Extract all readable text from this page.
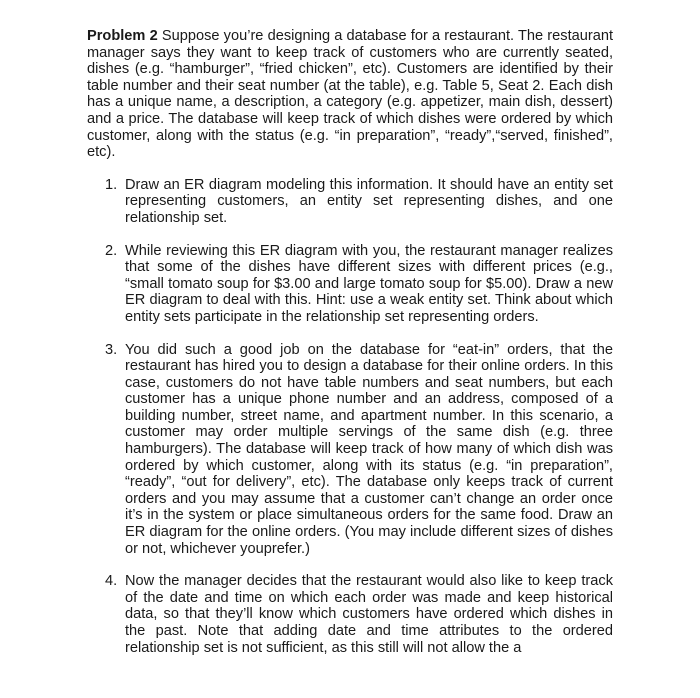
Problem 2 Suppose you’re designing a database for a restaurant. The restaurant manager says they want to keep track of customers who are currently seated, dishes (e.g. “hamburger”, “fried chicken”, etc). Customers are identified by their table number and their seat number (at the table), e.g. Table 5, Seat 2. Each dish has a unique name, a description, a category (e.g. appetizer, main dish, dessert) and a price. The database will keep track of which dishes were ordered by which customer, along with the status (e.g. “in preparation”, “ready”,“served, finished”, etc).

1. Draw an ER diagram modeling this information. It should have an entity set representing customers, an entity set representing dishes, and one relationship set.
2. While reviewing this ER diagram with you, the restaurant manager realizes that some of the dishes have different sizes with different prices (e.g., “small tomato soup for $3.00 and large tomato soup for $5.00). Draw a new ER diagram to deal with this. Hint: use a weak entity set. Think about which entity sets participate in the relationship set representing orders.
3. You did such a good job on the database for “eat-in” orders, that the restaurant has hired you to design a database for their online orders. In this case, customers do not have table numbers and seat numbers, but each customer has a unique phone number and an address, composed of a building number, street name, and apartment number. In this scenario, a customer may order multiple servings of the same dish (e.g. three hamburgers). The database will keep track of how many of which dish was ordered by which customer, along with its status (e.g. “in preparation”, “ready”, “out for delivery”, etc). The database only keeps track of current orders and you may assume that a customer can’t change an order once it’s in the system or place simultaneous orders for the same food. Draw an ER diagram for the online orders. (You may include different sizes of dishes or not, whichever youprefer.)
4. Now the manager decides that the restaurant would also like to keep track of the date and time on which each order was made and keep historical data, so that they’ll know which customers have ordered which dishes in the past. Note that adding date and time attributes to the ordered relationship set is not sufficient, as this still will not allow the a
